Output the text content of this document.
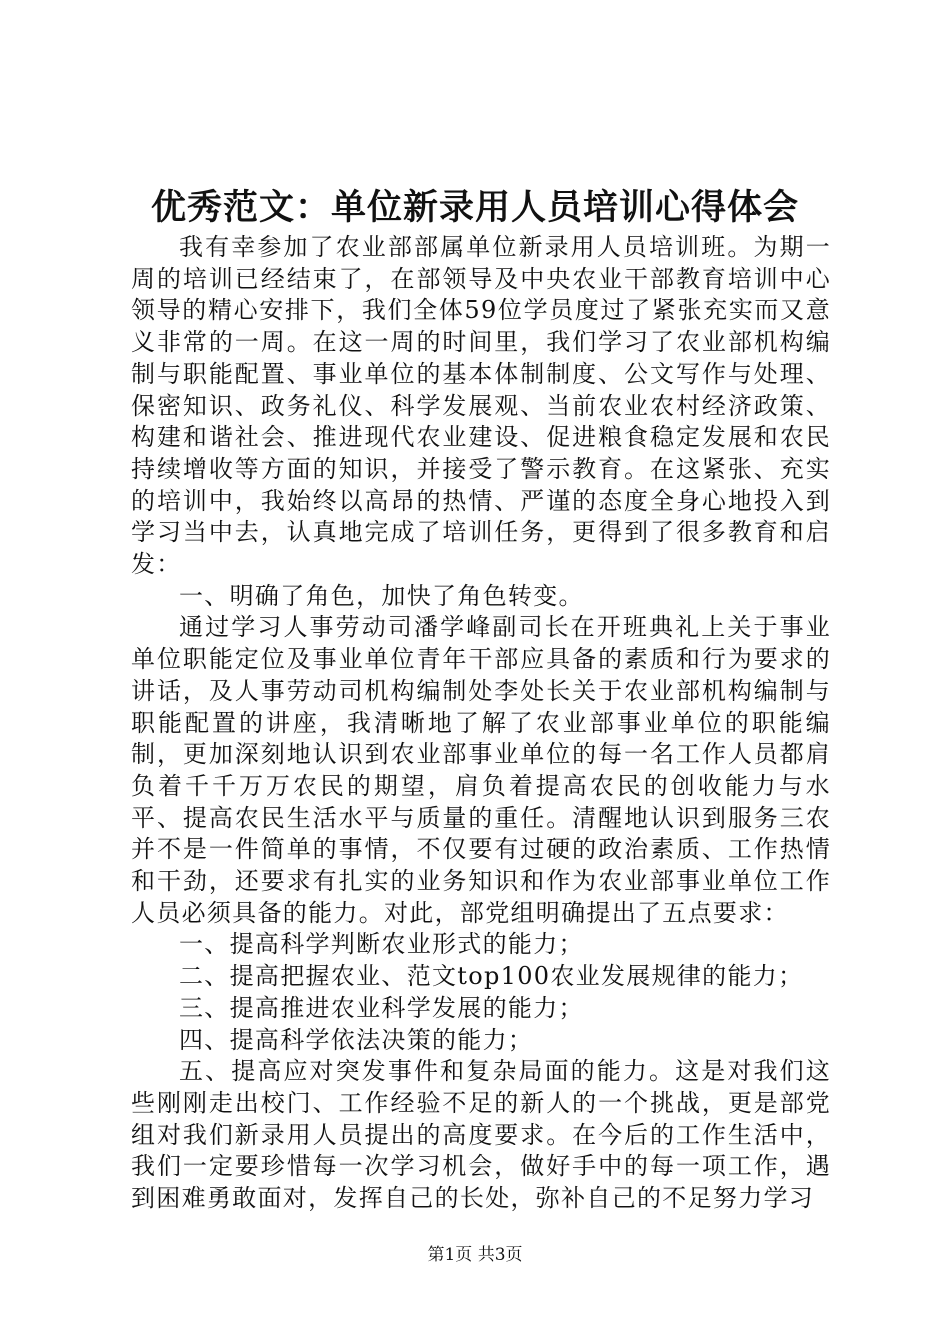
优秀范文：单位新录用人员培训心得体会

我有幸参加了农业部部属单位新录用人员培训班。为期一周的培训已经结束了，在部领导及中央农业干部教育培训中心领导的精心安排下，我们全体59位学员度过了紧张充实而又意义非常的一周。在这一周的时间里，我们学习了农业部机构编制与职能配置、事业单位的基本体制制度、公文写作与处理、保密知识、政务礼仪、科学发展观、当前农业农村经济政策、构建和谐社会、推进现代农业建设、促进粮食稳定发展和农民持续增收等方面的知识，并接受了警示教育。在这紧张、充实的培训中，我始终以高昂的热情、严谨的态度全身心地投入到学习当中去，认真地完成了培训任务，更得到了很多教育和启发：

一、明确了角色，加快了角色转变。

通过学习人事劳动司潘学峰副司长在开班典礼上关于事业单位职能定位及事业单位青年干部应具备的素质和行为要求的讲话，及人事劳动司机构编制处李处长关于农业部机构编制与职能配置的讲座，我清晰地了解了农业部事业单位的职能编制，更加深刻地认识到农业部事业单位的每一名工作人员都肩负着千千万万农民的期望，肩负着提高农民的创收能力与水平、提高农民生活水平与质量的重任。清醒地认识到服务三农并不是一件简单的事情，不仅要有过硬的政治素质、工作热情和干劲，还要求有扎实的业务知识和作为农业部事业单位工作人员必须具备的能力。对此，部党组明确提出了五点要求：

一、提高科学判断农业形式的能力；

二、提高把握农业、范文top100农业发展规律的能力；

三、提高推进农业科学发展的能力；

四、提高科学依法决策的能力；

五、提高应对突发事件和复杂局面的能力。这是对我们这些刚刚走出校门、工作经验不足的新人的一个挑战，更是部党组对我们新录用人员提出的高度要求。在今后的工作生活中，我们一定要珍惜每一次学习机会，做好手中的每一项工作，遇到困难勇敢面对，发挥自己的长处，弥补自己的不足努力学习

第1页 共3页
